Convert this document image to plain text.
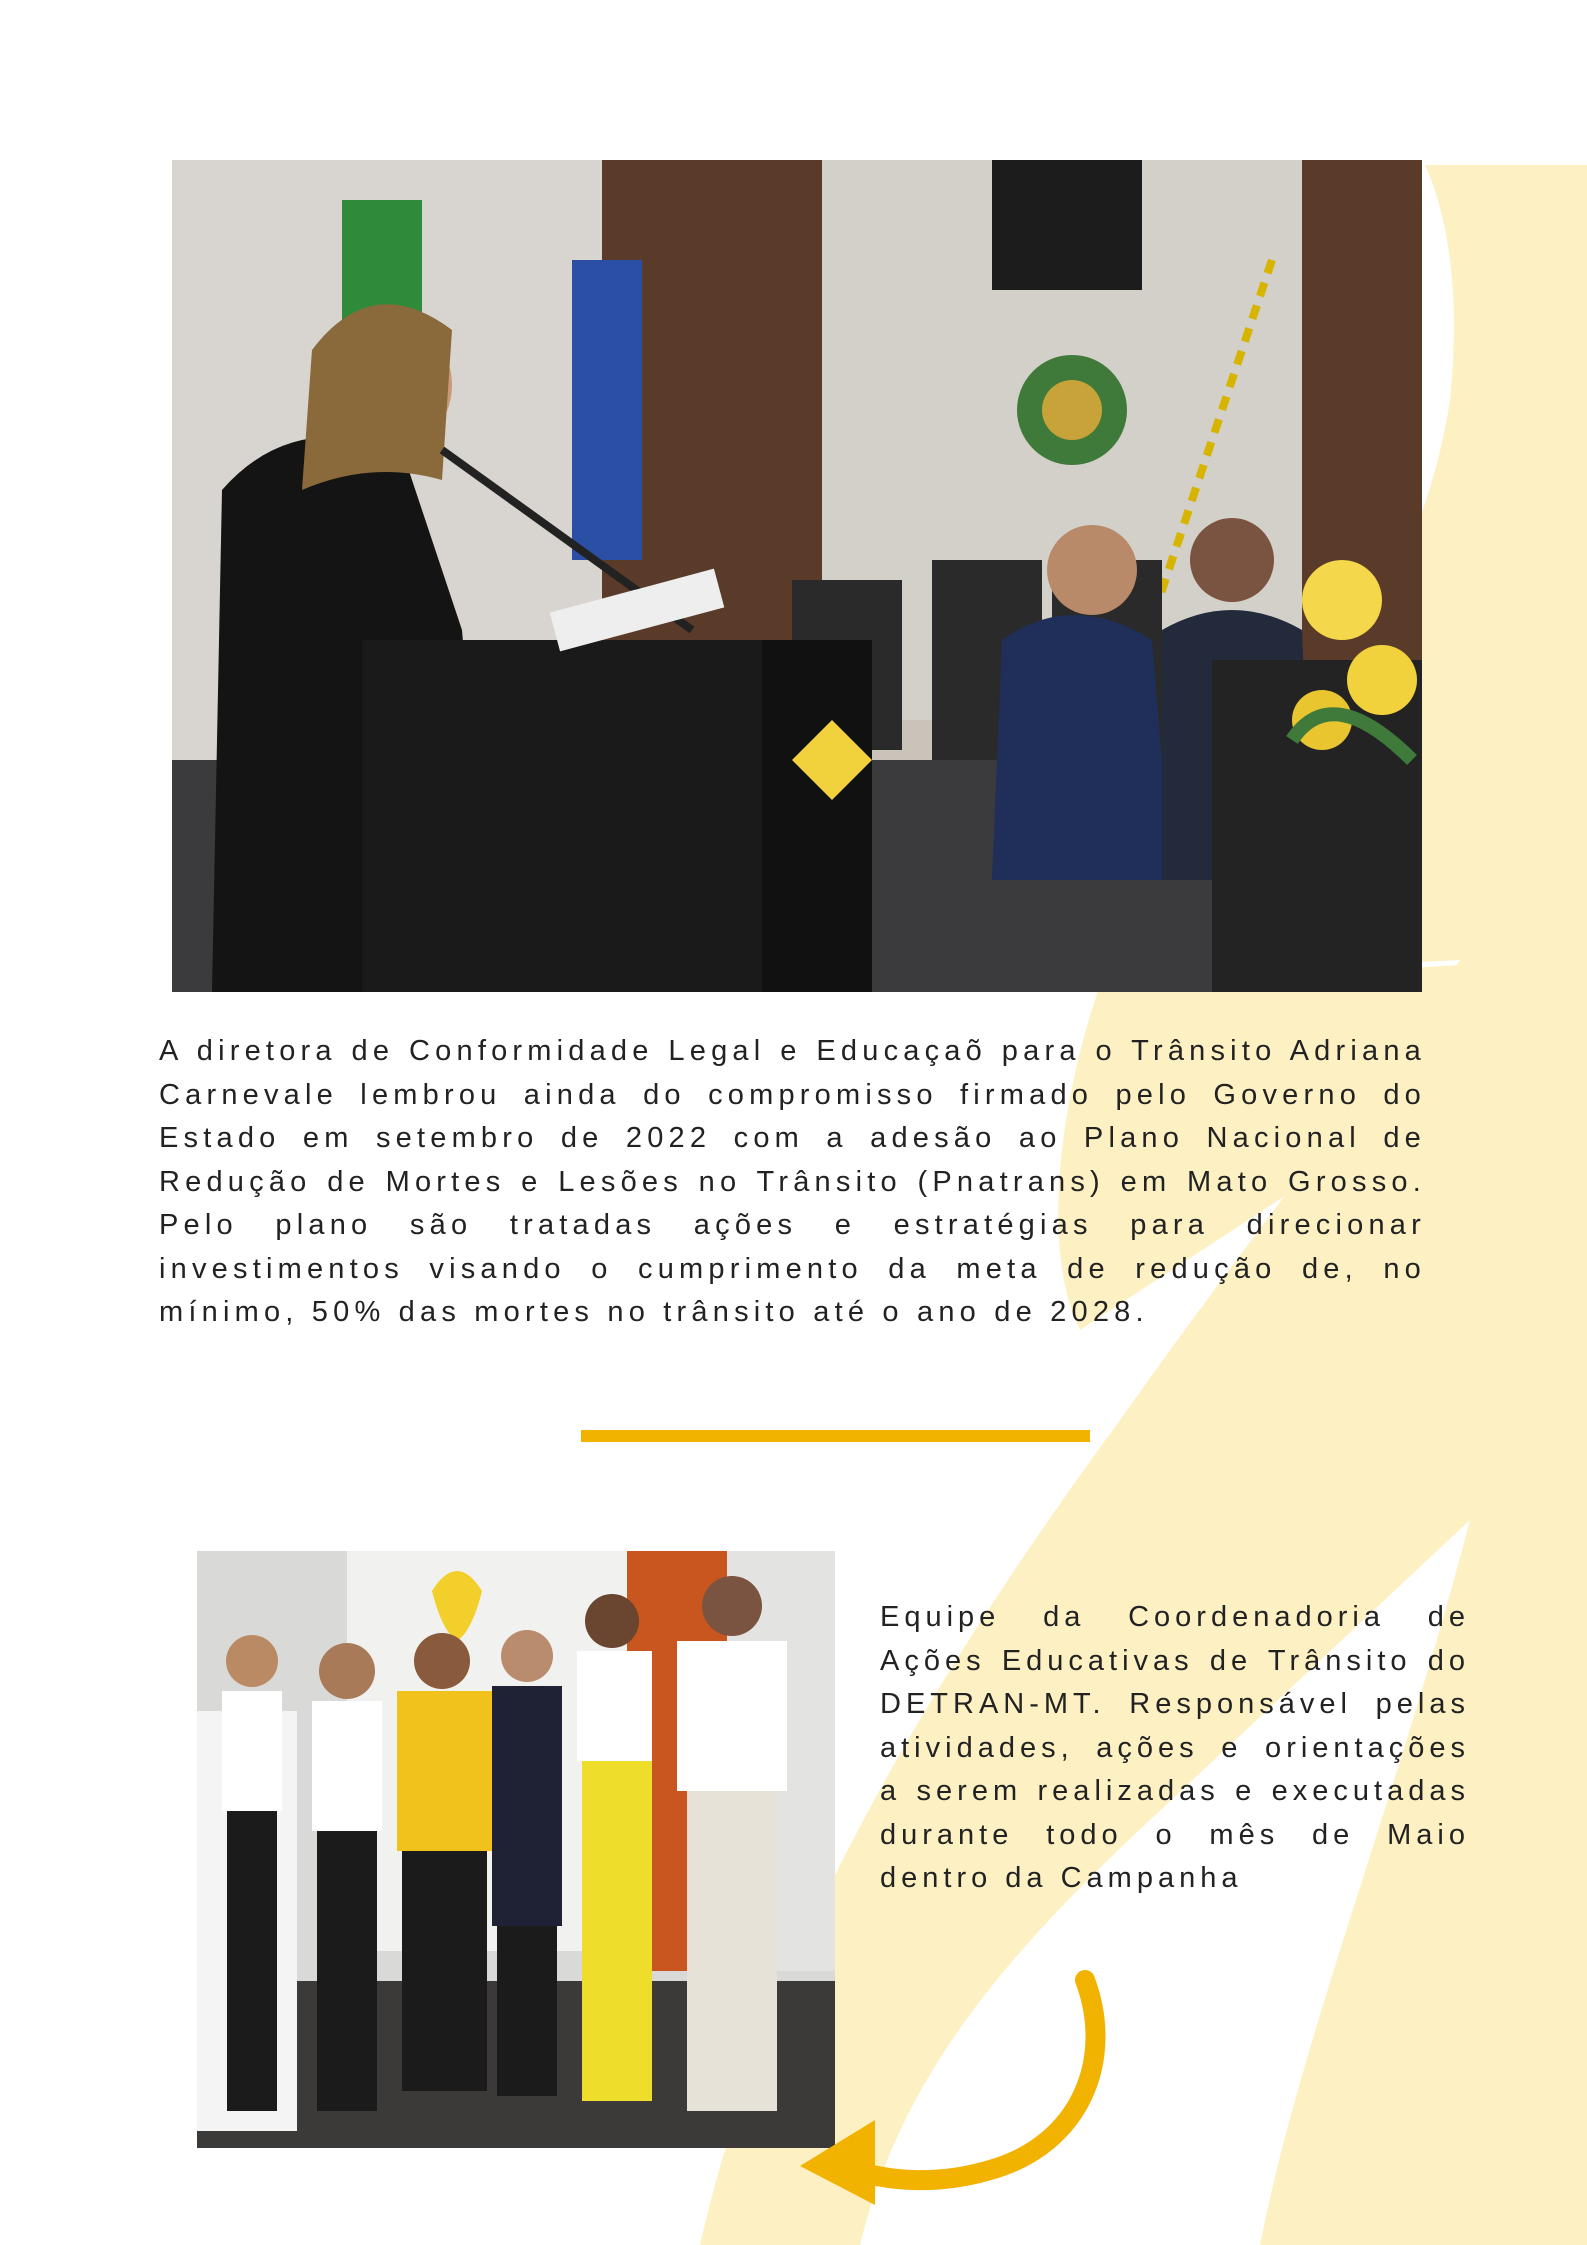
A diretora de Conformidade Legal e Educaçaõ para o Trânsito Adriana Carnevale lembrou ainda do compromisso firmado pelo Governo do Estado em setembro de 2022 com a adesão ao Plano Nacional de Redução de Mortes e Lesões no Trânsito (Pnatrans) em Mato Grosso. Pelo plano são tratadas ações e estratégias para direcionar investimentos visando o cumprimento da meta de redução de, no mínimo, 50% das mortes no trânsito até o ano de 2028.

Equipe da Coordenadoria de Ações Educativas de Trânsito do DETRAN-MT. Responsável pelas atividades, ações e orientações a serem realizadas e executadas durante todo o mês de Maio dentro da Campanha
